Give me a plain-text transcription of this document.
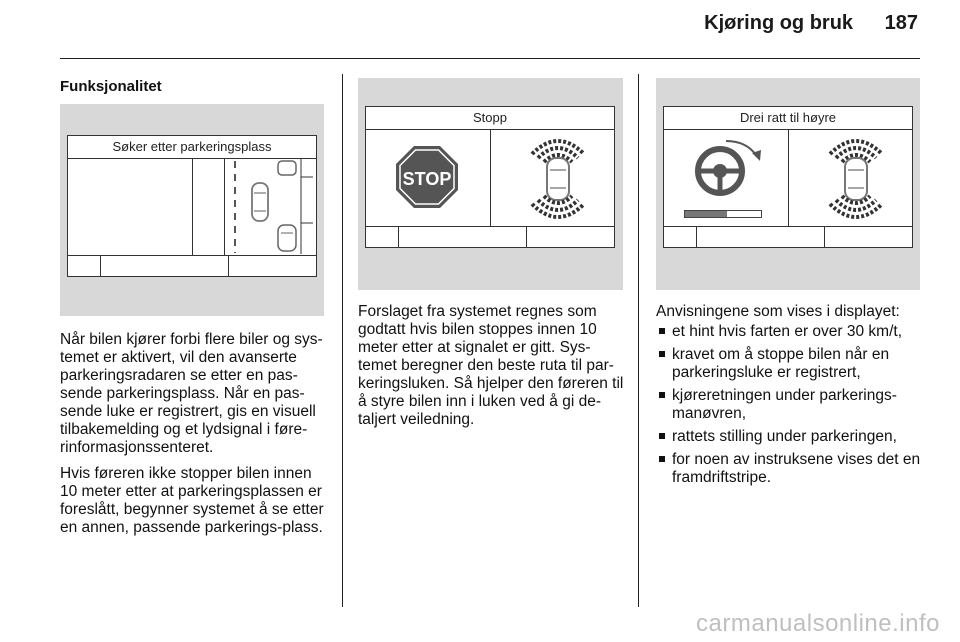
Kjøring og bruk 187
Funksjonalitet
Søker etter parkeringsplass

Når bilen kjører forbi flere biler og sys-temet er aktivert, vil den avanserte parkeringsradaren se etter en pas-sende parkeringsplass. Når en pas-sende luke er registrert, gis en visuell tilbakemelding og et lydsignal i føre-rinformasjonssenteret.

Hvis føreren ikke stopper bilen innen 10 meter etter at parkeringsplassen er foreslått, begynner systemet å se etter en annen, passende parkerings-plass.

Stopp
STOP

Forslaget fra systemet regnes som godtatt hvis bilen stoppes innen 10 meter etter at signalet er gitt. Sys-temet beregner den beste ruta til par-keringsluken. Så hjelper den føreren til å styre bilen inn i luken ved å gi de-taljert veiledning.

Drei ratt til høyre
Anvisningene som vises i displayet:
et hint hvis farten er over 30 km/t,
kravet om å stoppe bilen når en parkeringsluke er registrert,
kjøreretningen under parkerings-manøvren,
rattets stilling under parkeringen,
for noen av instruksene vises det en framdriftstripe.
carmanualsonline.info
